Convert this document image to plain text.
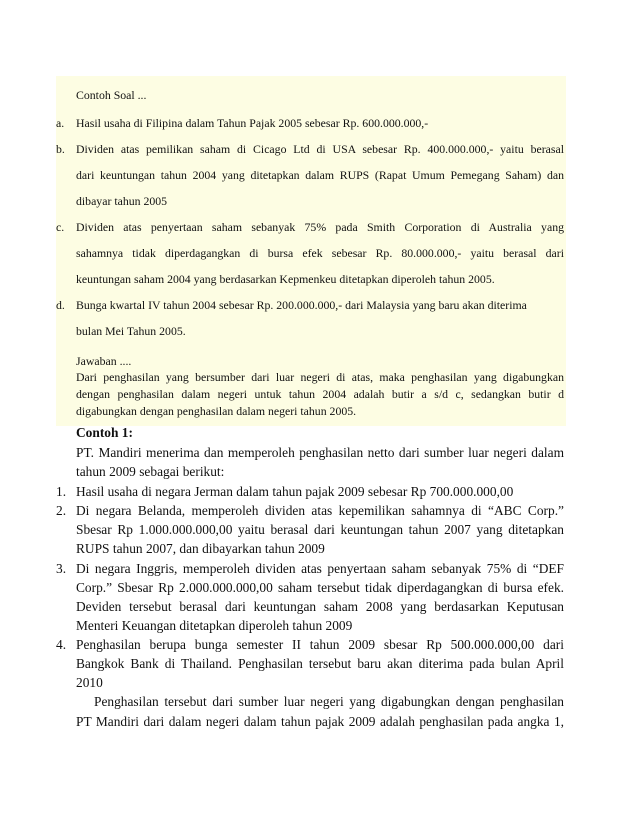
Contoh Soal ...
a. Hasil usaha di Filipina dalam Tahun Pajak 2005 sebesar Rp. 600.000.000,-
b. Dividen atas pemilikan saham di Cicago Ltd di USA sebesar Rp. 400.000.000,- yaitu berasal
dari keuntungan tahun 2004 yang ditetapkan dalam RUPS (Rapat Umum Pemegang Saham) dan
dibayar tahun 2005
c. Dividen atas penyertaan saham sebanyak 75% pada Smith Corporation di Australia yang
sahamnya tidak diperdagangkan di bursa efek sebesar Rp. 80.000.000,- yaitu berasal dari
keuntungan saham 2004 yang berdasarkan Kepmenkeu ditetapkan diperoleh tahun 2005.
d. Bunga kwartal IV tahun 2004 sebesar Rp. 200.000.000,- dari Malaysia yang baru akan diterima
bulan Mei Tahun 2005.
Jawaban ....
Dari penghasilan yang bersumber dari luar negeri di atas, maka penghasilan yang digabungkan
dengan penghasilan dalam negeri untuk tahun 2004 adalah butir a s/d c, sedangkan butir d
digabungkan dengan penghasilan dalam negeri tahun 2005.
Contoh 1:
PT. Mandiri menerima dan memperoleh penghasilan netto dari sumber luar negeri dalam
tahun 2009 sebagai berikut:
1. Hasil usaha di negara Jerman dalam tahun pajak 2009 sebesar Rp 700.000.000,00
2. Di negara Belanda, memperoleh dividen atas kepemilikan sahamnya di “ABC Corp.”
Sbesar Rp 1.000.000.000,00 yaitu berasal dari keuntungan tahun 2007 yang ditetapkan
RUPS tahun 2007, dan dibayarkan tahun 2009
3. Di negara Inggris, memperoleh dividen atas penyertaan saham sebanyak 75% di “DEF
Corp.” Sbesar Rp 2.000.000.000,00 saham tersebut tidak diperdagangkan di bursa efek.
Deviden tersebut berasal dari keuntungan saham 2008 yang berdasarkan Keputusan
Menteri Keuangan ditetapkan diperoleh tahun 2009
4. Penghasilan berupa bunga semester II tahun 2009 sbesar Rp 500.000.000,00 dari
Bangkok Bank di Thailand. Penghasilan tersebut baru akan diterima pada bulan April
2010
Penghasilan tersebut dari sumber luar negeri yang digabungkan dengan penghasilan
PT Mandiri dari dalam negeri dalam tahun pajak 2009 adalah penghasilan pada angka 1,
